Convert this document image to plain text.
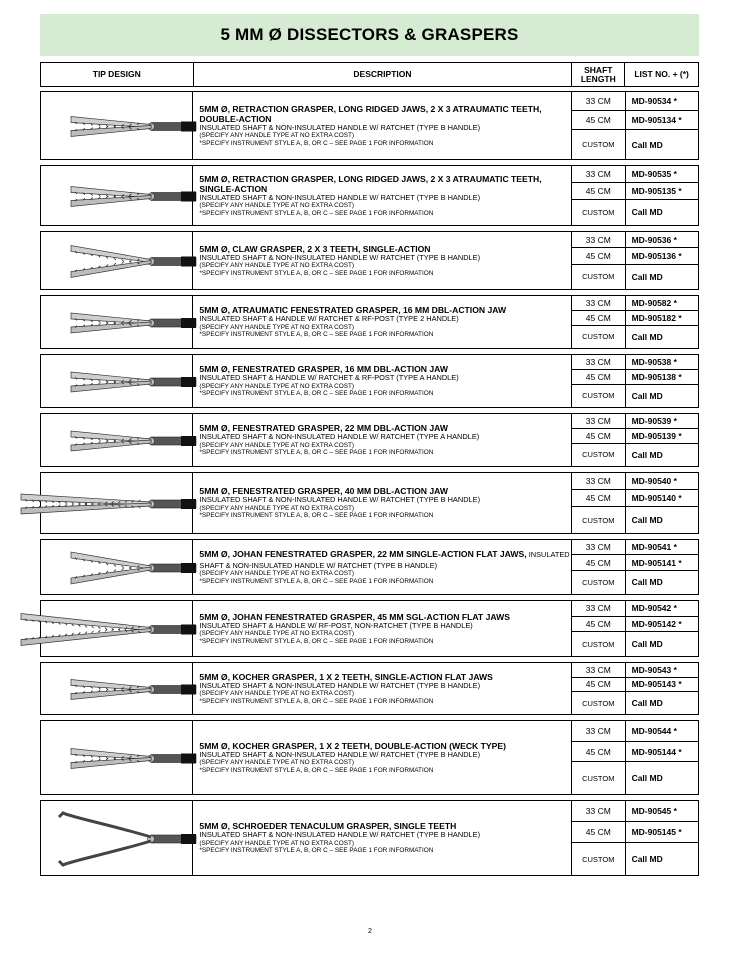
5 MM Ø DISSECTORS & GRASPERS
TIP DESIGN	DESCRIPTION	SHAFT LENGTH	LIST NO. + (*)
5MM Ø, RETRACTION GRASPER, LONG RIDGED JAWS, 2 X 3 ATRAUMATIC TEETH, DOUBLE-ACTION
INSULATED SHAFT & NON-INSULATED HANDLE W/ RATCHET (TYPE B HANDLE)
(SPECIFY ANY HANDLE TYPE AT NO EXTRA COST)
*SPECIFY INSTRUMENT STYLE A, B, OR C – SEE PAGE 1 FOR INFORMATION
33 CM	MD-90534 *
45 CM	MD-905134 *
CUSTOM	Call MD
5MM Ø, RETRACTION GRASPER, LONG RIDGED JAWS, 2 X 3 ATRAUMATIC TEETH, SINGLE-ACTION
INSULATED SHAFT & NON-INSULATED HANDLE W/ RATCHET (TYPE B HANDLE)
(SPECIFY ANY HANDLE TYPE AT NO EXTRA COST)
*SPECIFY INSTRUMENT STYLE A, B, OR C – SEE PAGE 1 FOR INFORMATION
33 CM	MD-90535 *
45 CM	MD-905135 *
CUSTOM	Call MD
5MM Ø, CLAW GRASPER, 2 X 3 TEETH, SINGLE-ACTION
INSULATED SHAFT & NON-INSULATED HANDLE W/ RATCHET (TYPE B HANDLE)
(SPECIFY ANY HANDLE TYPE AT NO EXTRA COST)
*SPECIFY INSTRUMENT STYLE A, B, OR C – SEE PAGE 1 FOR INFORMATION
33 CM	MD-90536 *
45 CM	MD-905136 *
CUSTOM	Call MD
5MM Ø, ATRAUMATIC FENESTRATED GRASPER, 16 MM DBL-ACTION JAW
INSULATED SHAFT & HANDLE W/ RATCHET & RF-POST (TYPE 2 HANDLE)
(SPECIFY ANY HANDLE TYPE AT NO EXTRA COST)
*SPECIFY INSTRUMENT STYLE A, B, OR C – SEE PAGE 1 FOR INFORMATION
33 CM	MD-90582 *
45 CM	MD-905182 *
CUSTOM	Call MD
5MM Ø, FENESTRATED GRASPER, 16 MM DBL-ACTION JAW
INSULATED SHAFT & HANDLE W/ RATCHET & RF-POST (TYPE A HANDLE)
(SPECIFY ANY HANDLE TYPE AT NO EXTRA COST)
*SPECIFY INSTRUMENT STYLE A, B, OR C – SEE PAGE 1 FOR INFORMATION
33 CM	MD-90538 *
45 CM	MD-905138 *
CUSTOM	Call MD
5MM Ø, FENESTRATED GRASPER, 22 MM DBL-ACTION JAW
INSULATED SHAFT & NON-INSULATED HANDLE W/ RATCHET (TYPE A HANDLE)
(SPECIFY ANY HANDLE TYPE AT NO EXTRA COST)
*SPECIFY INSTRUMENT STYLE A, B, OR C – SEE PAGE 1 FOR INFORMATION
33 CM	MD-90539 *
45 CM	MD-905139 *
CUSTOM	Call MD
5MM Ø, FENESTRATED GRASPER, 40 MM DBL-ACTION JAW
INSULATED SHAFT & NON-INSULATED HANDLE W/ RATCHET (TYPE B HANDLE)
(SPECIFY ANY HANDLE TYPE AT NO EXTRA COST)
*SPECIFY INSTRUMENT STYLE A, B, OR C – SEE PAGE 1 FOR INFORMATION
33 CM	MD-90540 *
45 CM	MD-905140 *
CUSTOM	Call MD
5MM Ø, JOHAN FENESTRATED GRASPER, 22 MM SINGLE-ACTION FLAT JAWS, INSULATED SHAFT & NON-INSULATED HANDLE W/ RATCHET (TYPE B HANDLE)
(SPECIFY ANY HANDLE TYPE AT NO EXTRA COST)
*SPECIFY INSTRUMENT STYLE A, B, OR C – SEE PAGE 1 FOR INFORMATION
33 CM	MD-90541 *
45 CM	MD-905141 *
CUSTOM	Call MD
5MM Ø, JOHAN FENESTRATED GRASPER, 45 MM SGL-ACTION FLAT JAWS
INSULATED SHAFT & HANDLE W/ RF-POST, NON-RATCHET (TYPE B HANDLE)
(SPECIFY ANY HANDLE TYPE AT NO EXTRA COST)
*SPECIFY INSTRUMENT STYLE A, B, OR C – SEE PAGE 1 FOR INFORMATION
33 CM	MD-90542 *
45 CM	MD-905142 *
CUSTOM	Call MD
5MM Ø, KOCHER GRASPER, 1 X 2 TEETH, SINGLE-ACTION FLAT JAWS
INSULATED SHAFT & NON-INSULATED HANDLE W/ RATCHET (TYPE B HANDLE)
(SPECIFY ANY HANDLE TYPE AT NO EXTRA COST)
*SPECIFY INSTRUMENT STYLE A, B, OR C – SEE PAGE 1 FOR INFORMATION
33 CM	MD-90543 *
45 CM	MD-905143 *
CUSTOM	Call MD
5MM Ø, KOCHER GRASPER, 1 X 2 TEETH, DOUBLE-ACTION (WECK TYPE)
INSULATED SHAFT & NON-INSULATED HANDLE W/ RATCHET (TYPE B HANDLE)
(SPECIFY ANY HANDLE TYPE AT NO EXTRA COST)
*SPECIFY INSTRUMENT STYLE A, B, OR C – SEE PAGE 1 FOR INFORMATION
33 CM	MD-90544 *
45 CM	MD-905144 *
CUSTOM	Call MD
5MM Ø, SCHROEDER TENACULUM GRASPER, SINGLE TEETH
INSULATED SHAFT & NON-INSULATED HANDLE W/ RATCHET (TYPE B HANDLE)
(SPECIFY ANY HANDLE TYPE AT NO EXTRA COST)
*SPECIFY INSTRUMENT STYLE A, B, OR C – SEE PAGE 1 FOR INFORMATION
33 CM	MD-90545 *
45 CM	MD-905145 *
CUSTOM	Call MD
2
